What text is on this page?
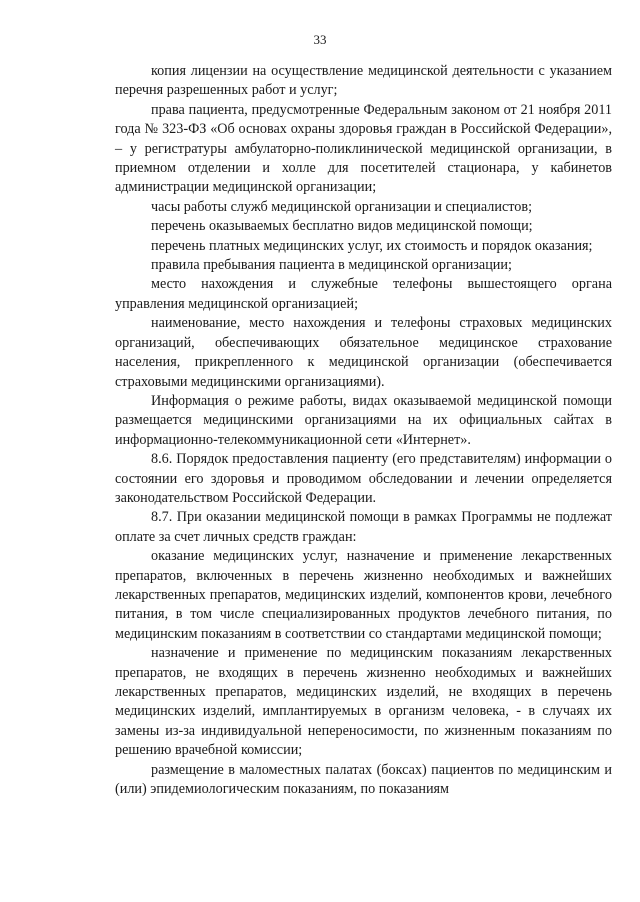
33

копия лицензии на осуществление медицинской деятельности с указанием перечня разрешенных работ и услуг;

права пациента, предусмотренные Федеральным законом от 21 ноября 2011 года № 323-ФЗ «Об основах охраны здоровья граждан в Российской Федерации», – у регистратуры амбулаторно-поликлинической медицинской организации, в приемном отделении и холле для посетителей стационара, у кабинетов администрации медицинской организации;

часы работы служб медицинской организации и специалистов;

перечень оказываемых бесплатно видов медицинской помощи;

перечень платных медицинских услуг, их стоимость и порядок оказания;

правила пребывания пациента в медицинской организации;

место нахождения и служебные телефоны вышестоящего органа управления медицинской организацией;

наименование, место нахождения и телефоны страховых медицинских организаций, обеспечивающих обязательное медицинское страхование населения, прикрепленного к медицинской организации (обеспечивается страховыми медицинскими организациями).

Информация о режиме работы, видах оказываемой медицинской помощи размещается медицинскими организациями на их официальных сайтах в информационно-телекоммуникационной сети «Интернет».

8.6. Порядок предоставления пациенту (его представителям) информации о состоянии его здоровья и проводимом обследовании и лечении определяется законодательством Российской Федерации.

8.7. При оказании медицинской помощи в рамках Программы не подлежат оплате за счет личных средств граждан:

оказание медицинских услуг, назначение и применение лекарственных препаратов, включенных в перечень жизненно необходимых и важнейших лекарственных препаратов, медицинских изделий, компонентов крови, лечебного питания, в том числе специализированных продуктов лечебного питания, по медицинским показаниям в соответствии со стандартами медицинской помощи;

назначение и применение по медицинским показаниям лекарственных препаратов, не входящих в перечень жизненно необходимых и важнейших лекарственных препаратов, медицинских изделий, не входящих в перечень медицинских изделий, имплантируемых в организм человека, - в случаях их замены из-за индивидуальной непереносимости, по жизненным показаниям по решению врачебной комиссии;

размещение в маломестных палатах (боксах) пациентов по медицинским и (или) эпидемиологическим показаниям, по показаниям
